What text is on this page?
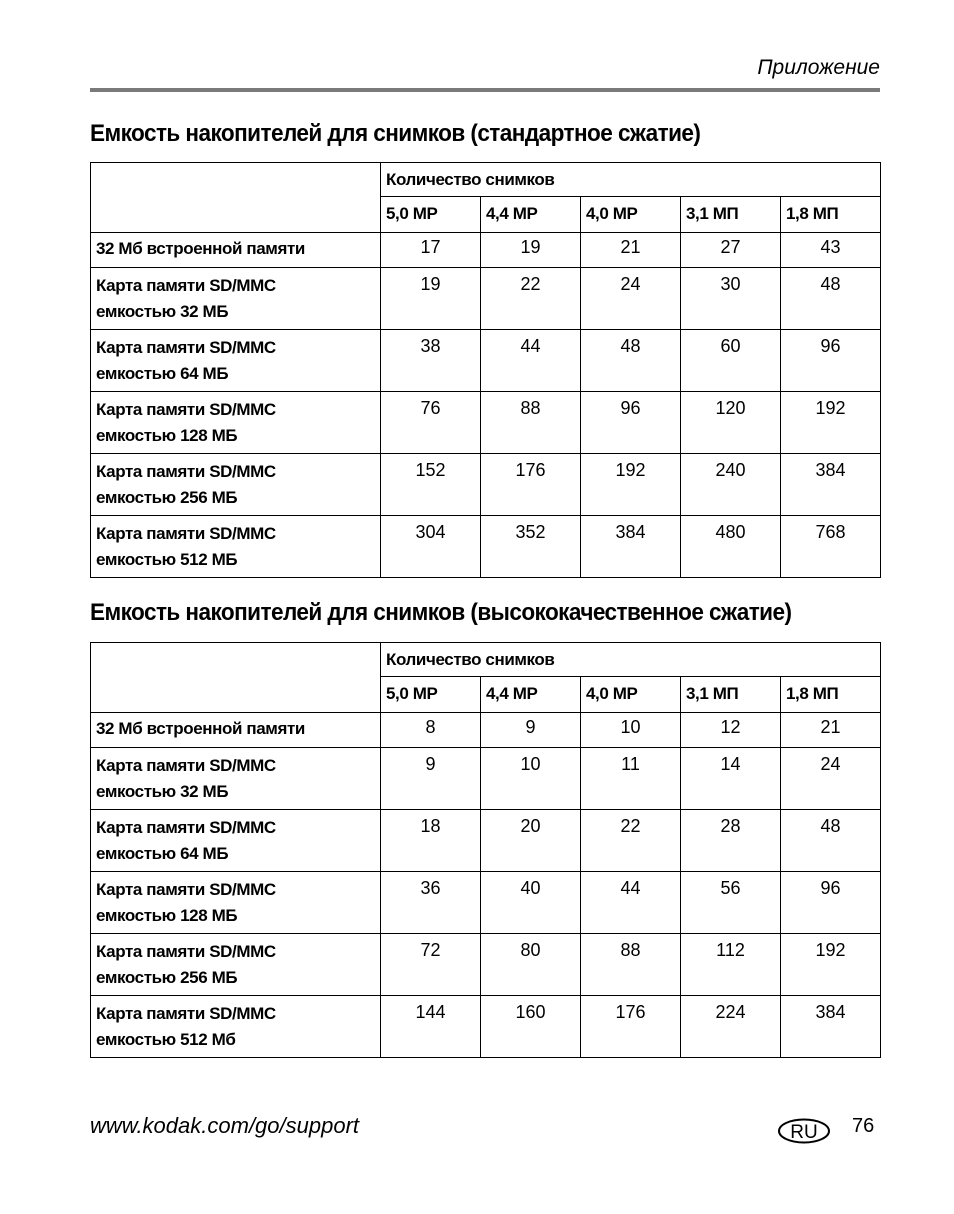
Приложение
Емкость накопителей для снимков (стандартное сжатие)
	Количество снимков				
	5,0 МР	4,4 МР	4,0 МР	3,1 МП	1,8 МП

32 Мб встроенной памяти	17	19	21	27	43

Карта памяти SD/MMC
емкостью 32 МБ	19	22	24	30	48

Карта памяти SD/MMC
емкостью 64 МБ	38	44	48	60	96

Карта памяти SD/MMC
емкостью 128 МБ	76	88	96	120	192

Карта памяти SD/MMC
емкостью 256 МБ	152	176	192	240	384

Карта памяти SD/MMC
емкостью 512 МБ	304	352	384	480	768
Емкость накопителей для снимков (высококачественное сжатие)
	Количество снимков				
	5,0 МР	4,4 МР	4,0 МР	3,1 МП	1,8 МП

32 Мб встроенной памяти	8	9	10	12	21

Карта памяти SD/MMC
емкостью 32 МБ	9	10	11	14	24

Карта памяти SD/MMC
емкостью 64 МБ	18	20	22	28	48

Карта памяти SD/MMC
емкостью 128 МБ	36	40	44	56	96

Карта памяти SD/MMC
емкостью 256 МБ	72	80	88	112	192

Карта памяти SD/MMC
емкостью 512 Мб	144	160	176	224	384
www.kodak.com/go/support	RU 76
